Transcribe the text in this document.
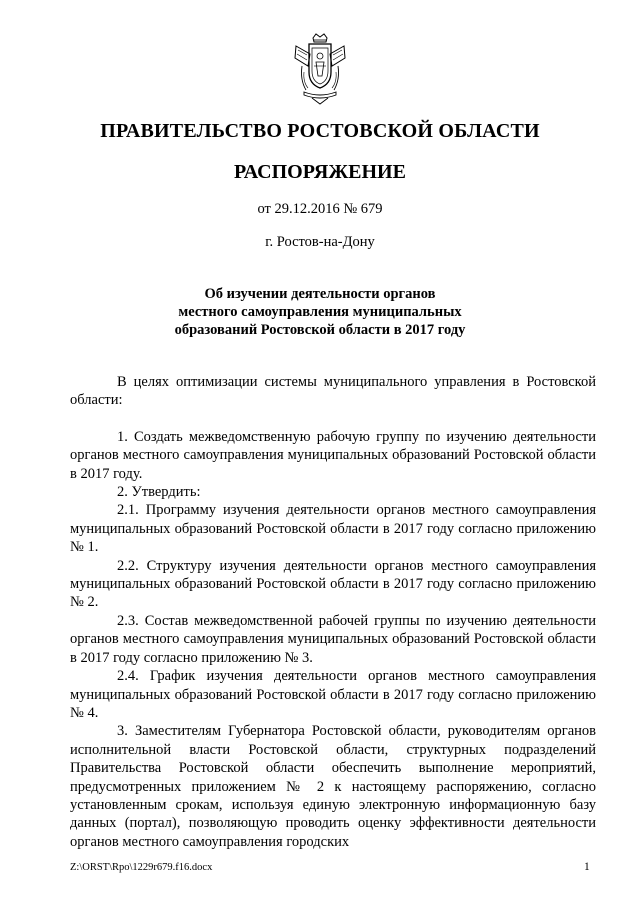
ПРАВИТЕЛЬСТВО РОСТОВСКОЙ ОБЛАСТИ
РАСПОРЯЖЕНИЕ
от 29.12.2016 № 679
г. Ростов-на-Дону
Об изучении деятельности органов
местного самоуправления муниципальных
образований Ростовской области в 2017 году

В целях оптимизации системы муниципального управления в Ростовской области:

1. Создать межведомственную рабочую группу по изучению деятельности органов местного самоуправления муниципальных образований Ростовской области в 2017 году.

2. Утвердить:

2.1. Программу изучения деятельности органов местного самоуправления муниципальных образований Ростовской области в 2017 году согласно приложению № 1.

2.2. Структуру изучения деятельности органов местного самоуправления муниципальных образований Ростовской области в 2017 году согласно приложению № 2.

2.3. Состав межведомственной рабочей группы по изучению деятельности органов местного самоуправления муниципальных образований Ростовской области в 2017 году согласно приложению № 3.

2.4. График изучения деятельности органов местного самоуправления муниципальных образований Ростовской области в 2017 году согласно приложению № 4.

3. Заместителям Губернатора Ростовской области, руководителям органов исполнительной власти Ростовской области, структурных подразделений Правительства Ростовской области обеспечить выполнение мероприятий, предусмотренных приложением № 2 к настоящему распоряжению, согласно установленным срокам, используя единую электронную информационную базу данных (портал), позволяющую проводить оценку эффективности деятельности органов местного самоуправления городских

Z:\ORST\Rpo\1229r679.f16.docx	1
